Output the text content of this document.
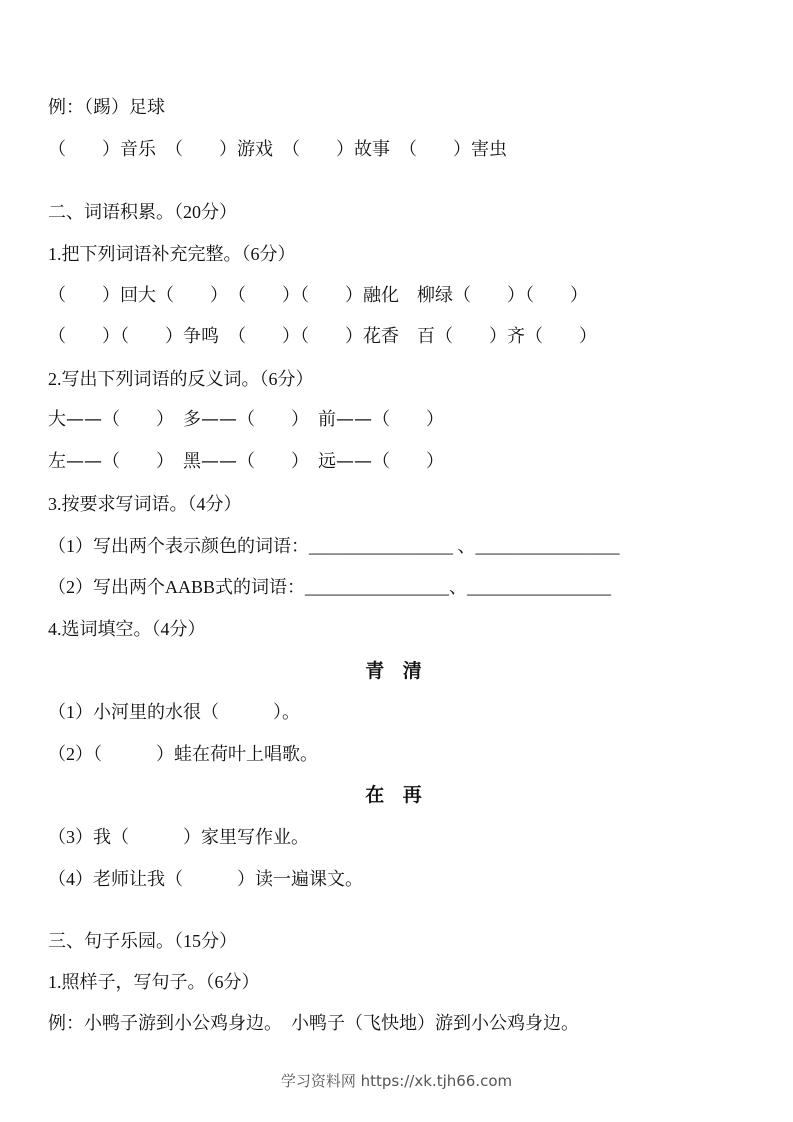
例：（踢）足球
（　　）音乐　（　　）游戏　（　　）故事　（　　）害虫
二、词语积累。（20分）
1.把下列词语补充完整。（6分）
（　　）回大（　　）　（　　）（　　）融化　柳绿（　　）（　　）
（　　）（　　）争鸣　（　　）（　　）花香　百（　　）齐（　　）
2.写出下列词语的反义词。（6分）
大——（　　）　多——（　　）　前——（　　）
左——（　　）　黑——（　　）　远——（　　）
3.按要求写词语。（4分）
（1）写出两个表示颜色的词语：________________ 、________________
（2）写出两个AABB式的词语：________________、________________
4.选词填空。（4分）
青 清
（1）小河里的水很（　　　）。
（2）（　　　）蛙在荷叶上唱歌。
在 再
（3）我（　　　）家里写作业。
（4）老师让我（　　　）读一遍课文。
三、句子乐园。（15分）
1.照样子，写句子。（6分）
例：小鸭子游到小公鸡身边。　小鸭子（飞快地）游到小公鸡身边。
学习资料网 https://xk.tjh66.com
